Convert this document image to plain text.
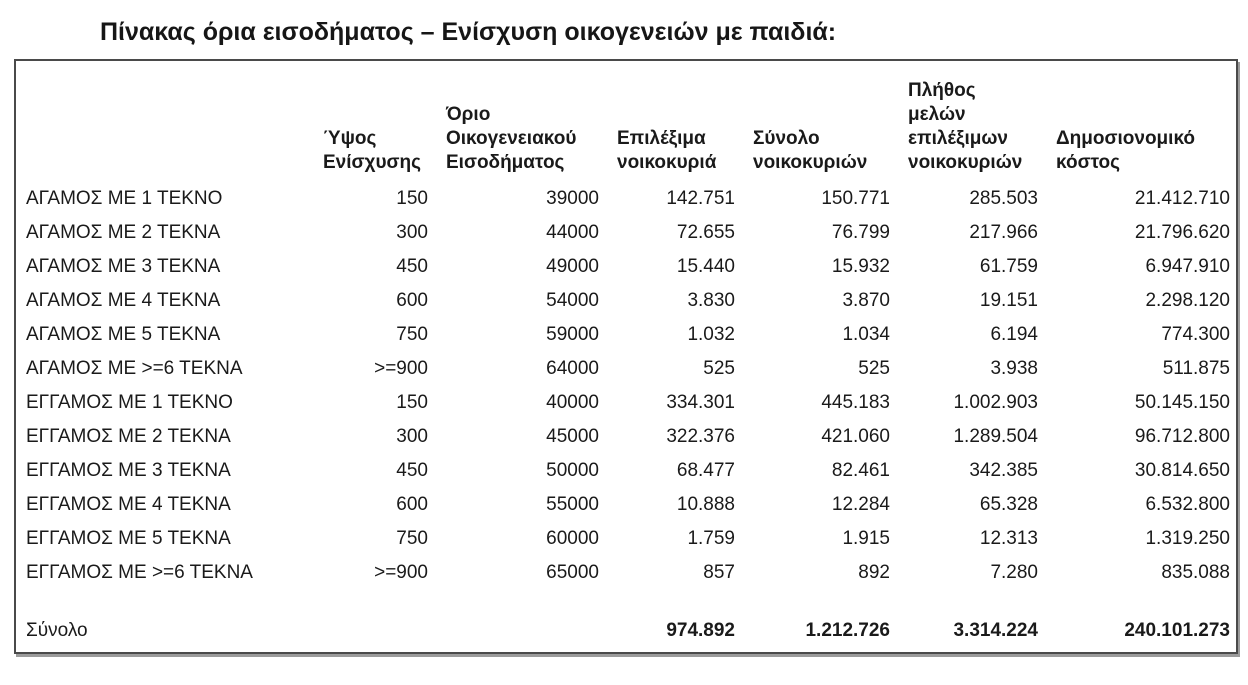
Πίνακας όρια εισοδήματος – Ενίσχυση οικογενειών με παιδιά:
	Ύψος Ενίσχυσης	Όριο Οικογενειακού Εισοδήματος	Επιλέξιμα νοικοκυριά	Σύνολο νοικοκυριών	Πλήθος μελών επιλέξιμων νοικοκυριών	Δημοσιονομικό κόστος
ΑΓΑΜΟΣ ΜΕ 1 ΤΕΚΝΟ	150	39000	142.751	150.771	285.503	21.412.710
ΑΓΑΜΟΣ ΜΕ 2 ΤΕΚΝΑ	300	44000	72.655	76.799	217.966	21.796.620
ΑΓΑΜΟΣ ΜΕ 3 ΤΕΚΝΑ	450	49000	15.440	15.932	61.759	6.947.910
ΑΓΑΜΟΣ ΜΕ 4 ΤΕΚΝΑ	600	54000	3.830	3.870	19.151	2.298.120
ΑΓΑΜΟΣ ΜΕ 5 ΤΕΚΝΑ	750	59000	1.032	1.034	6.194	774.300
ΑΓΑΜΟΣ ΜΕ >=6 ΤΕΚΝΑ	>=900	64000	525	525	3.938	511.875
ΕΓΓΑΜΟΣ ΜΕ 1 ΤΕΚΝΟ	150	40000	334.301	445.183	1.002.903	50.145.150
ΕΓΓΑΜΟΣ ΜΕ 2 ΤΕΚΝΑ	300	45000	322.376	421.060	1.289.504	96.712.800
ΕΓΓΑΜΟΣ ΜΕ 3 ΤΕΚΝΑ	450	50000	68.477	82.461	342.385	30.814.650
ΕΓΓΑΜΟΣ ΜΕ 4 ΤΕΚΝΑ	600	55000	10.888	12.284	65.328	6.532.800
ΕΓΓΑΜΟΣ ΜΕ 5 ΤΕΚΝΑ	750	60000	1.759	1.915	12.313	1.319.250
ΕΓΓΑΜΟΣ ΜΕ >=6 ΤΕΚΝΑ	>=900	65000	857	892	7.280	835.088
Σύνολο			974.892	1.212.726	3.314.224	240.101.273
